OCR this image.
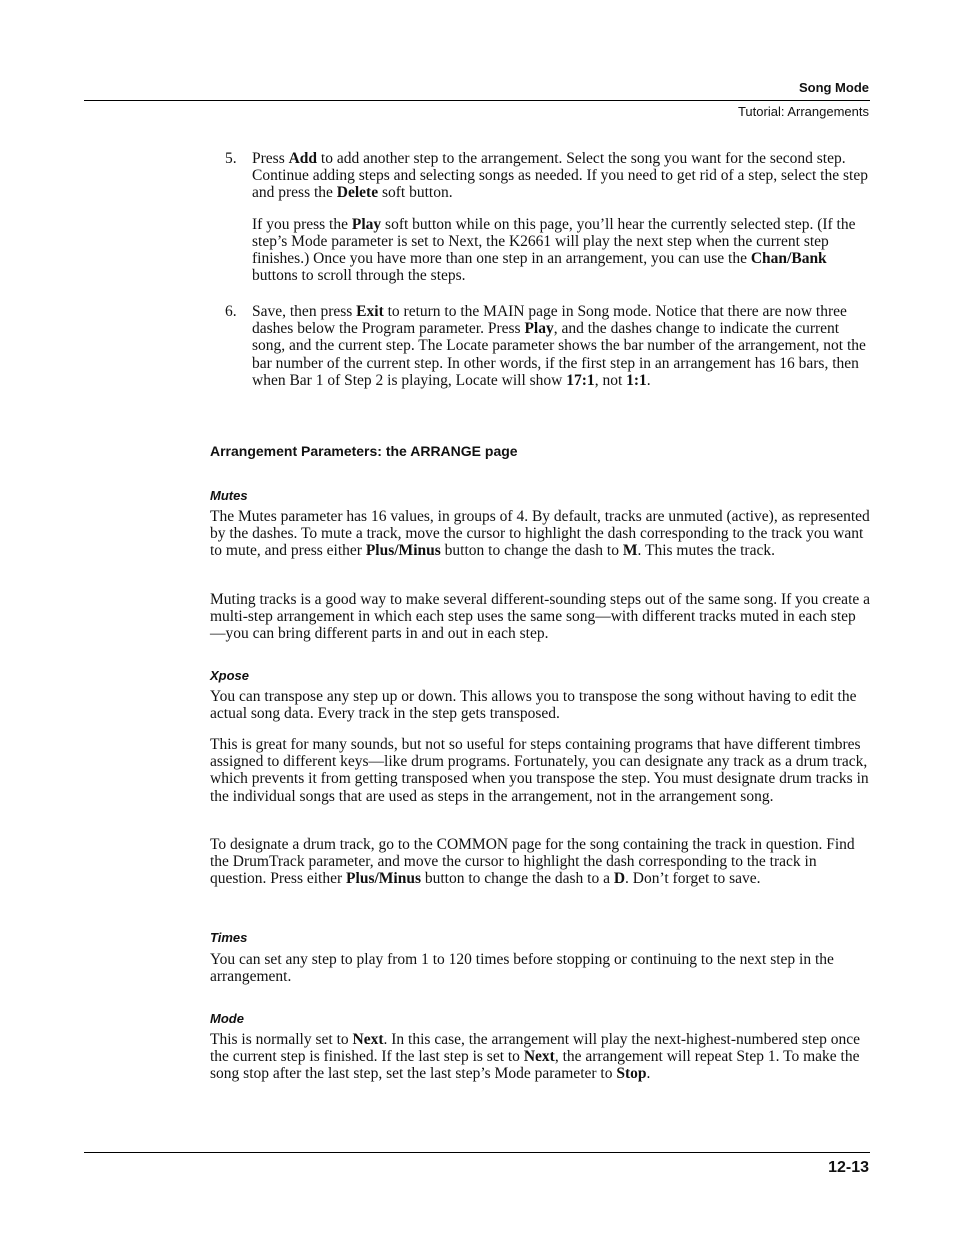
Song Mode
Tutorial: Arrangements
5. Press Add to add another step to the arrangement. Select the song you want for the second step. Continue adding steps and selecting songs as needed. If you need to get rid of a step, select the step and press the Delete soft button.

If you press the Play soft button while on this page, you’ll hear the currently selected step. (If the step’s Mode parameter is set to Next, the K2661 will play the next step when the current step finishes.) Once you have more than one step in an arrangement, you can use the Chan/Bank buttons to scroll through the steps.

6. Save, then press Exit to return to the MAIN page in Song mode. Notice that there are now three dashes below the Program parameter. Press Play, and the dashes change to indicate the current song, and the current step. The Locate parameter shows the bar number of the arrangement, not the bar number of the current step. In other words, if the first step in an arrangement has 16 bars, then when Bar 1 of Step 2 is playing, Locate will show 17:1, not 1:1.

Arrangement Parameters: the ARRANGE page
Mutes

The Mutes parameter has 16 values, in groups of 4. By default, tracks are unmuted (active), as represented by the dashes. To mute a track, move the cursor to highlight the dash corresponding to the track you want to mute, and press either Plus/Minus button to change the dash to M. This mutes the track.

Muting tracks is a good way to make several different-sounding steps out of the same song. If you create a multi-step arrangement in which each step uses the same song—with different tracks muted in each step—you can bring different parts in and out in each step.

Xpose

You can transpose any step up or down. This allows you to transpose the song without having to edit the actual song data. Every track in the step gets transposed.

This is great for many sounds, but not so useful for steps containing programs that have different timbres assigned to different keys—like drum programs. Fortunately, you can designate any track as a drum track, which prevents it from getting transposed when you transpose the step. You must designate drum tracks in the individual songs that are used as steps in the arrangement, not in the arrangement song.

To designate a drum track, go to the COMMON page for the song containing the track in question. Find the DrumTrack parameter, and move the cursor to highlight the dash corresponding to the track in question. Press either Plus/Minus button to change the dash to a D. Don’t forget to save.

Times

You can set any step to play from 1 to 120 times before stopping or continuing to the next step in the arrangement.

Mode

This is normally set to Next. In this case, the arrangement will play the next-highest-numbered step once the current step is finished. If the last step is set to Next, the arrangement will repeat Step 1. To make the song stop after the last step, set the last step’s Mode parameter to Stop.

12-13
